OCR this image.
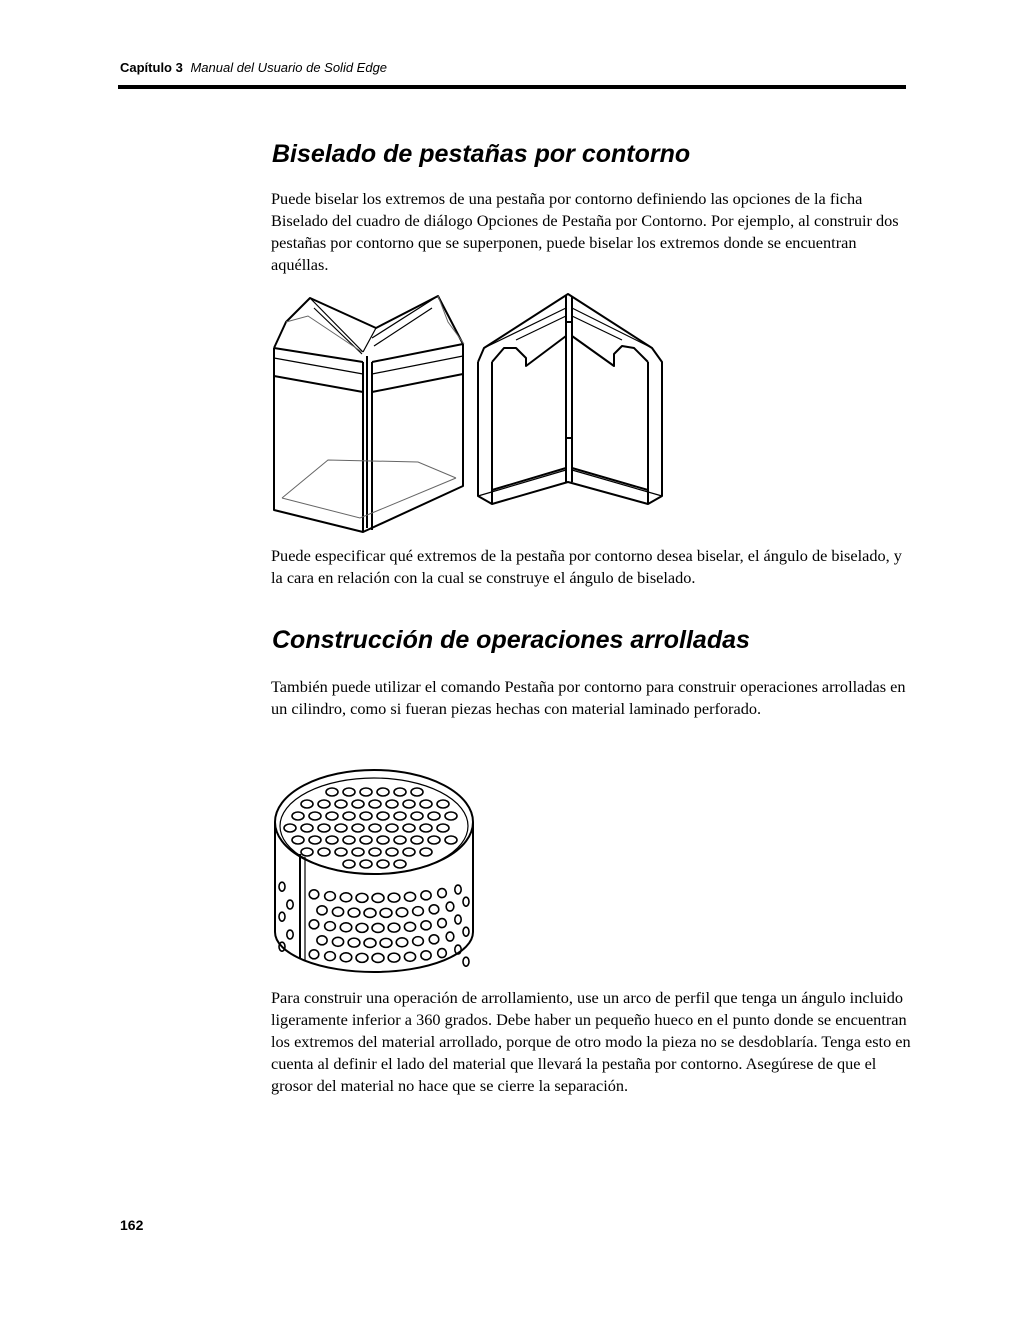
Capítulo 3 Manual del Usuario de Solid Edge
Biselado de pestañas por contorno

Puede biselar los extremos de una pestaña por contorno definiendo las opciones de la ficha Biselado del cuadro de diálogo Opciones de Pestaña por Contorno. Por ejemplo, al construir dos pestañas por contorno que se superponen, puede biselar los extremos donde se encuentran aquéllas.

Puede especificar qué extremos de la pestaña por contorno desea biselar, el ángulo de biselado, y la cara en relación con la cual se construye el ángulo de biselado.

Construcción de operaciones arrolladas

También puede utilizar el comando Pestaña por contorno para construir operaciones arrolladas en un cilindro, como si fueran piezas hechas con material laminado perforado.

Para construir una operación de arrollamiento, use un arco de perfil que tenga un ángulo incluido ligeramente inferior a 360 grados. Debe haber un pequeño hueco en el punto donde se encuentran los extremos del material arrollado, porque de otro modo la pieza no se desdoblaría. Tenga esto en cuenta al definir el lado del material que llevará la pestaña por contorno. Asegúrese de que el grosor del material no hace que se cierre la separación.

162
